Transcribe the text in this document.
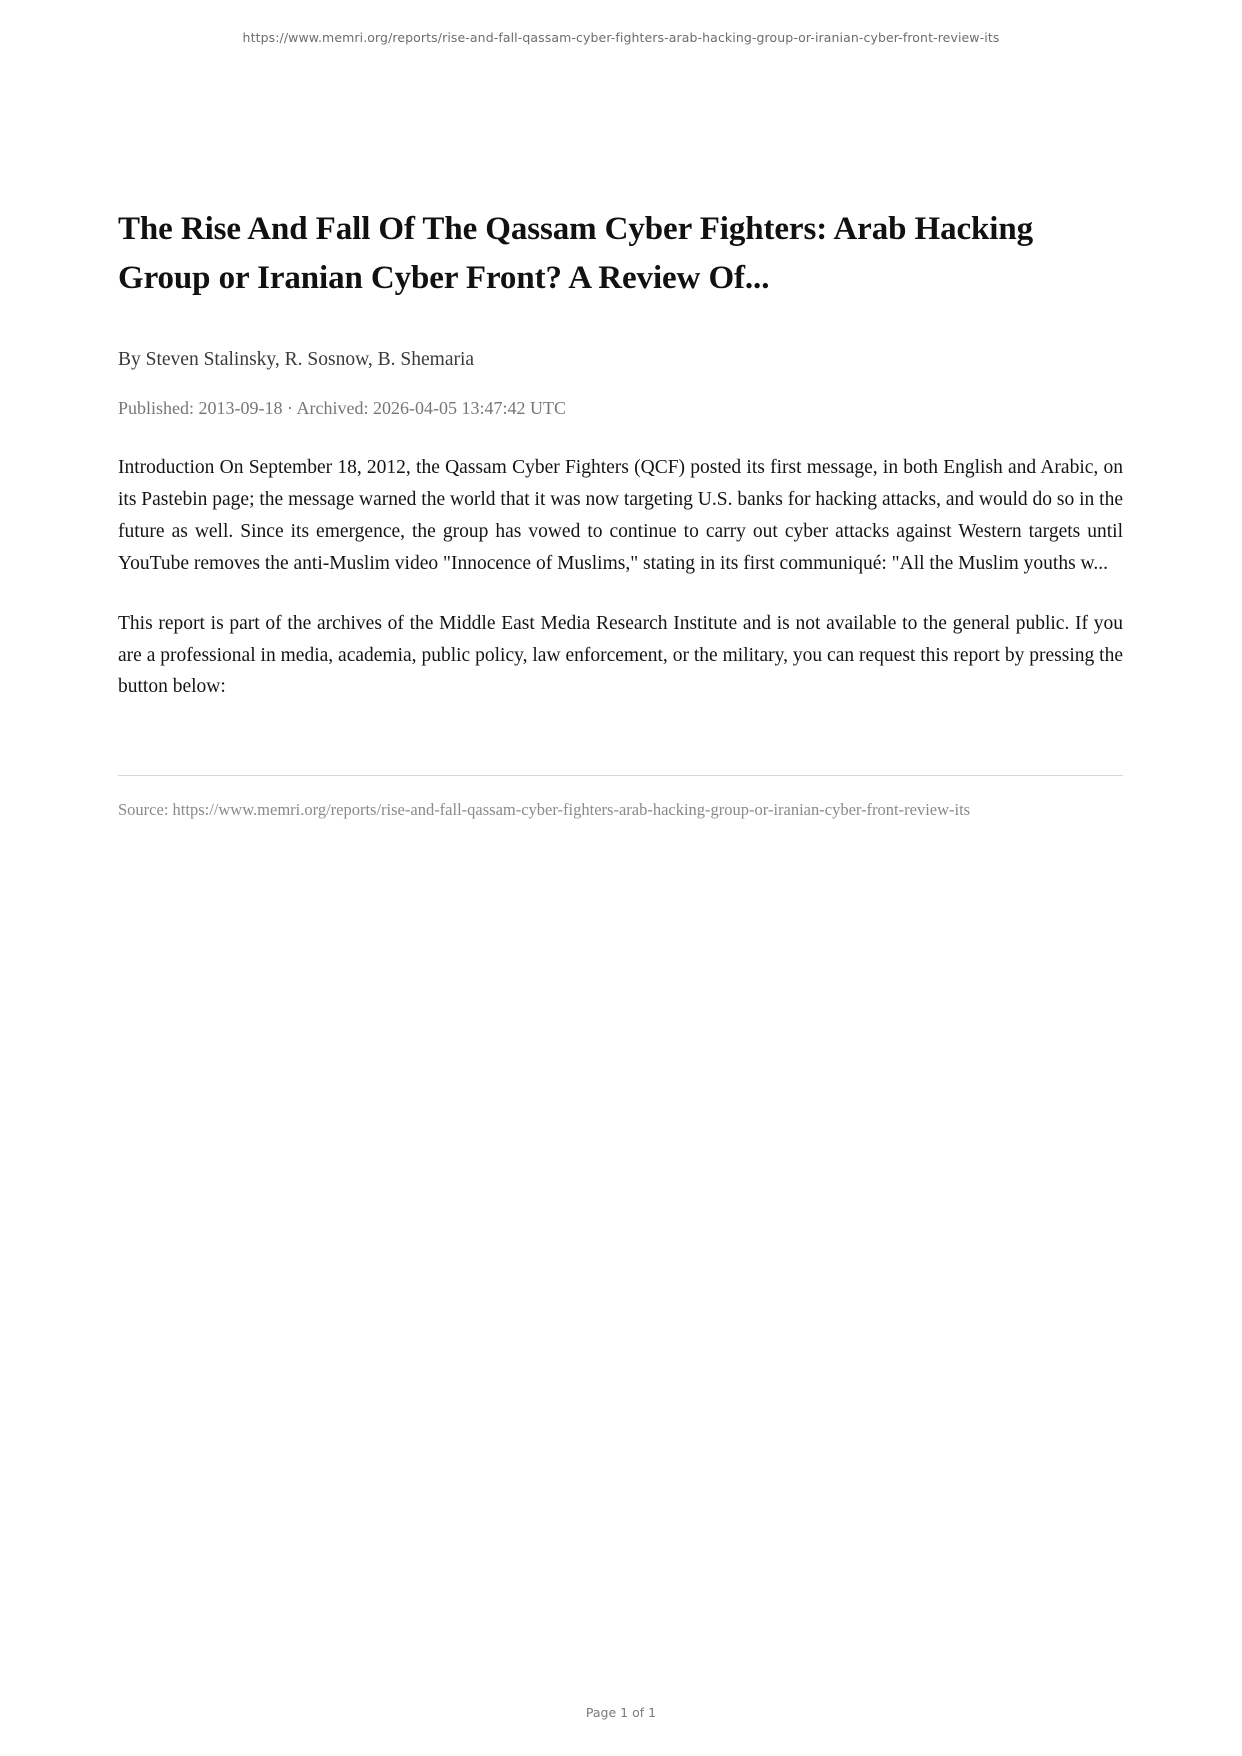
https://www.memri.org/reports/rise-and-fall-qassam-cyber-fighters-arab-hacking-group-or-iranian-cyber-front-review-its
The Rise And Fall Of The Qassam Cyber Fighters: Arab Hacking Group or Iranian Cyber Front? A Review Of...
By Steven Stalinsky, R. Sosnow, B. Shemaria
Published: 2013-09-18 · Archived: 2026-04-05 13:47:42 UTC

Introduction On September 18, 2012, the Qassam Cyber Fighters (QCF) posted its first message, in both English and Arabic, on its Pastebin page; the message warned the world that it was now targeting U.S. banks for hacking attacks, and would do so in the future as well. Since its emergence, the group has vowed to continue to carry out cyber attacks against Western targets until YouTube removes the anti-Muslim video "Innocence of Muslims," stating in its first communiqué: "All the Muslim youths w...

This report is part of the archives of the Middle East Media Research Institute and is not available to the general public. If you are a professional in media, academia, public policy, law enforcement, or the military, you can request this report by pressing the button below:

Source: https://www.memri.org/reports/rise-and-fall-qassam-cyber-fighters-arab-hacking-group-or-iranian-cyber-front-review-its
Page 1 of 1
